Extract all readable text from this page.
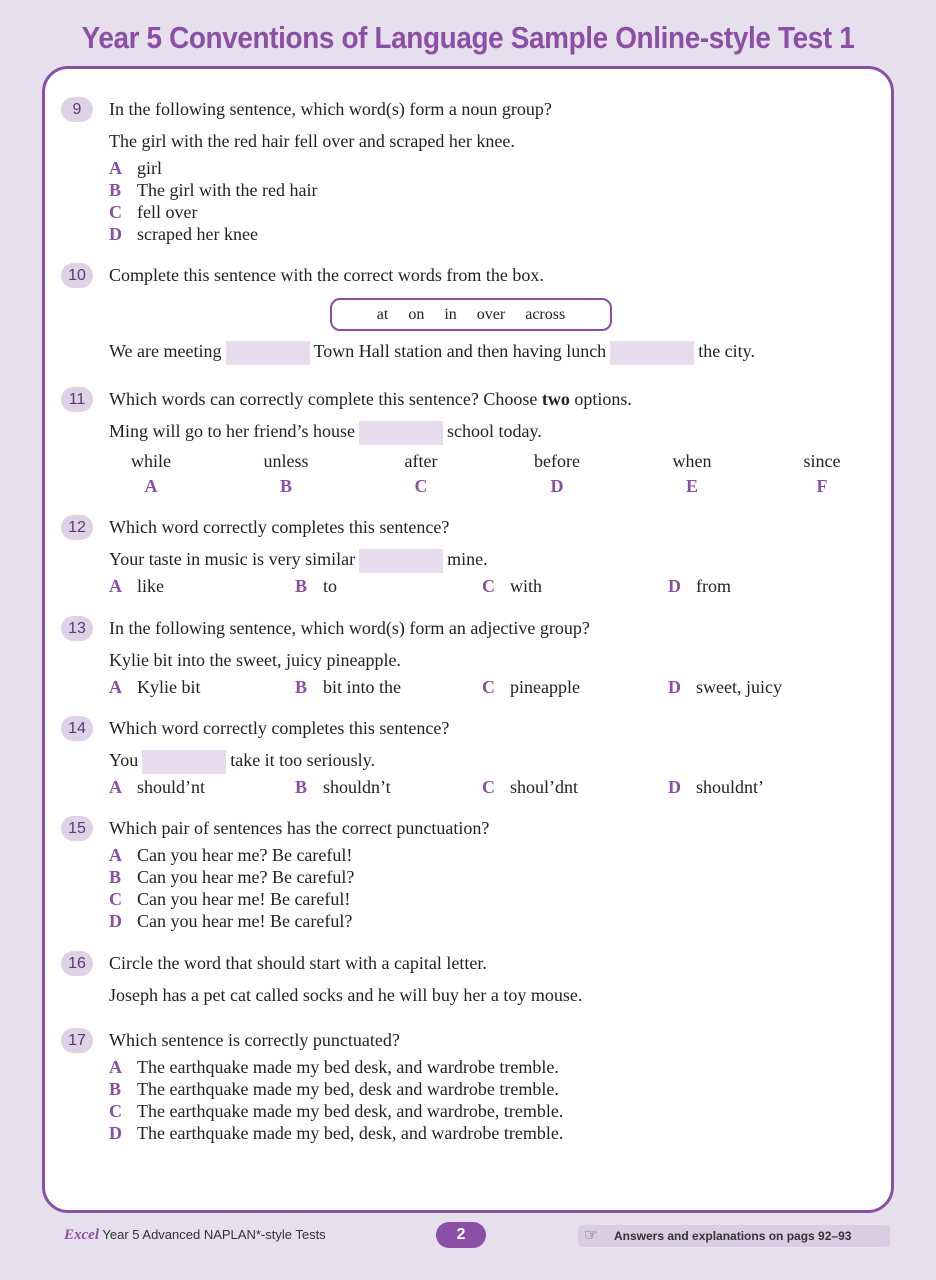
Year 5 Conventions of Language Sample Online-style Test 1
9	In the following sentence, which word(s) form a noun group?
The girl with the red hair fell over and scraped her knee.
A girl
B The girl with the red hair
C fell over
D scraped her knee
10	Complete this sentence with the correct words from the box.
at on in over across
We are meeting	Town Hall station and then having lunch	the city.
11	Which words can correctly complete this sentence? Choose two options.
Ming will go to her friend’s house	school today.
while
A
unless
B
after
C
before
D
when
E
since
F
12	Which word correctly completes this sentence?
Your taste in music is very similar	mine.
A like	B to	C with	D from
13	In the following sentence, which word(s) form an adjective group?
Kylie bit into the sweet, juicy pineapple.
A Kylie bit	B bit into the	C pineapple	D sweet, juicy
14	Which word correctly completes this sentence?
You	take it too seriously.
A should’nt	B shouldn’t	C shoul’dnt	D shouldnt’
15	Which pair of sentences has the correct punctuation?
A Can you hear me? Be careful!
B Can you hear me? Be careful?
C Can you hear me! Be careful!
D Can you hear me! Be careful?
16	Circle the word that should start with a capital letter.
Joseph has a pet cat called socks and he will buy her a toy mouse.
17	Which sentence is correctly punctuated?
A The earthquake made my bed desk, and wardrobe tremble.
B The earthquake made my bed, desk and wardrobe tremble.
C The earthquake made my bed desk, and wardrobe, tremble.
D The earthquake made my bed, desk, and wardrobe tremble.
Excel Year 5 Advanced NAPLAN*-style Tests	2	☞ Answers and explanations on pags 92–93
